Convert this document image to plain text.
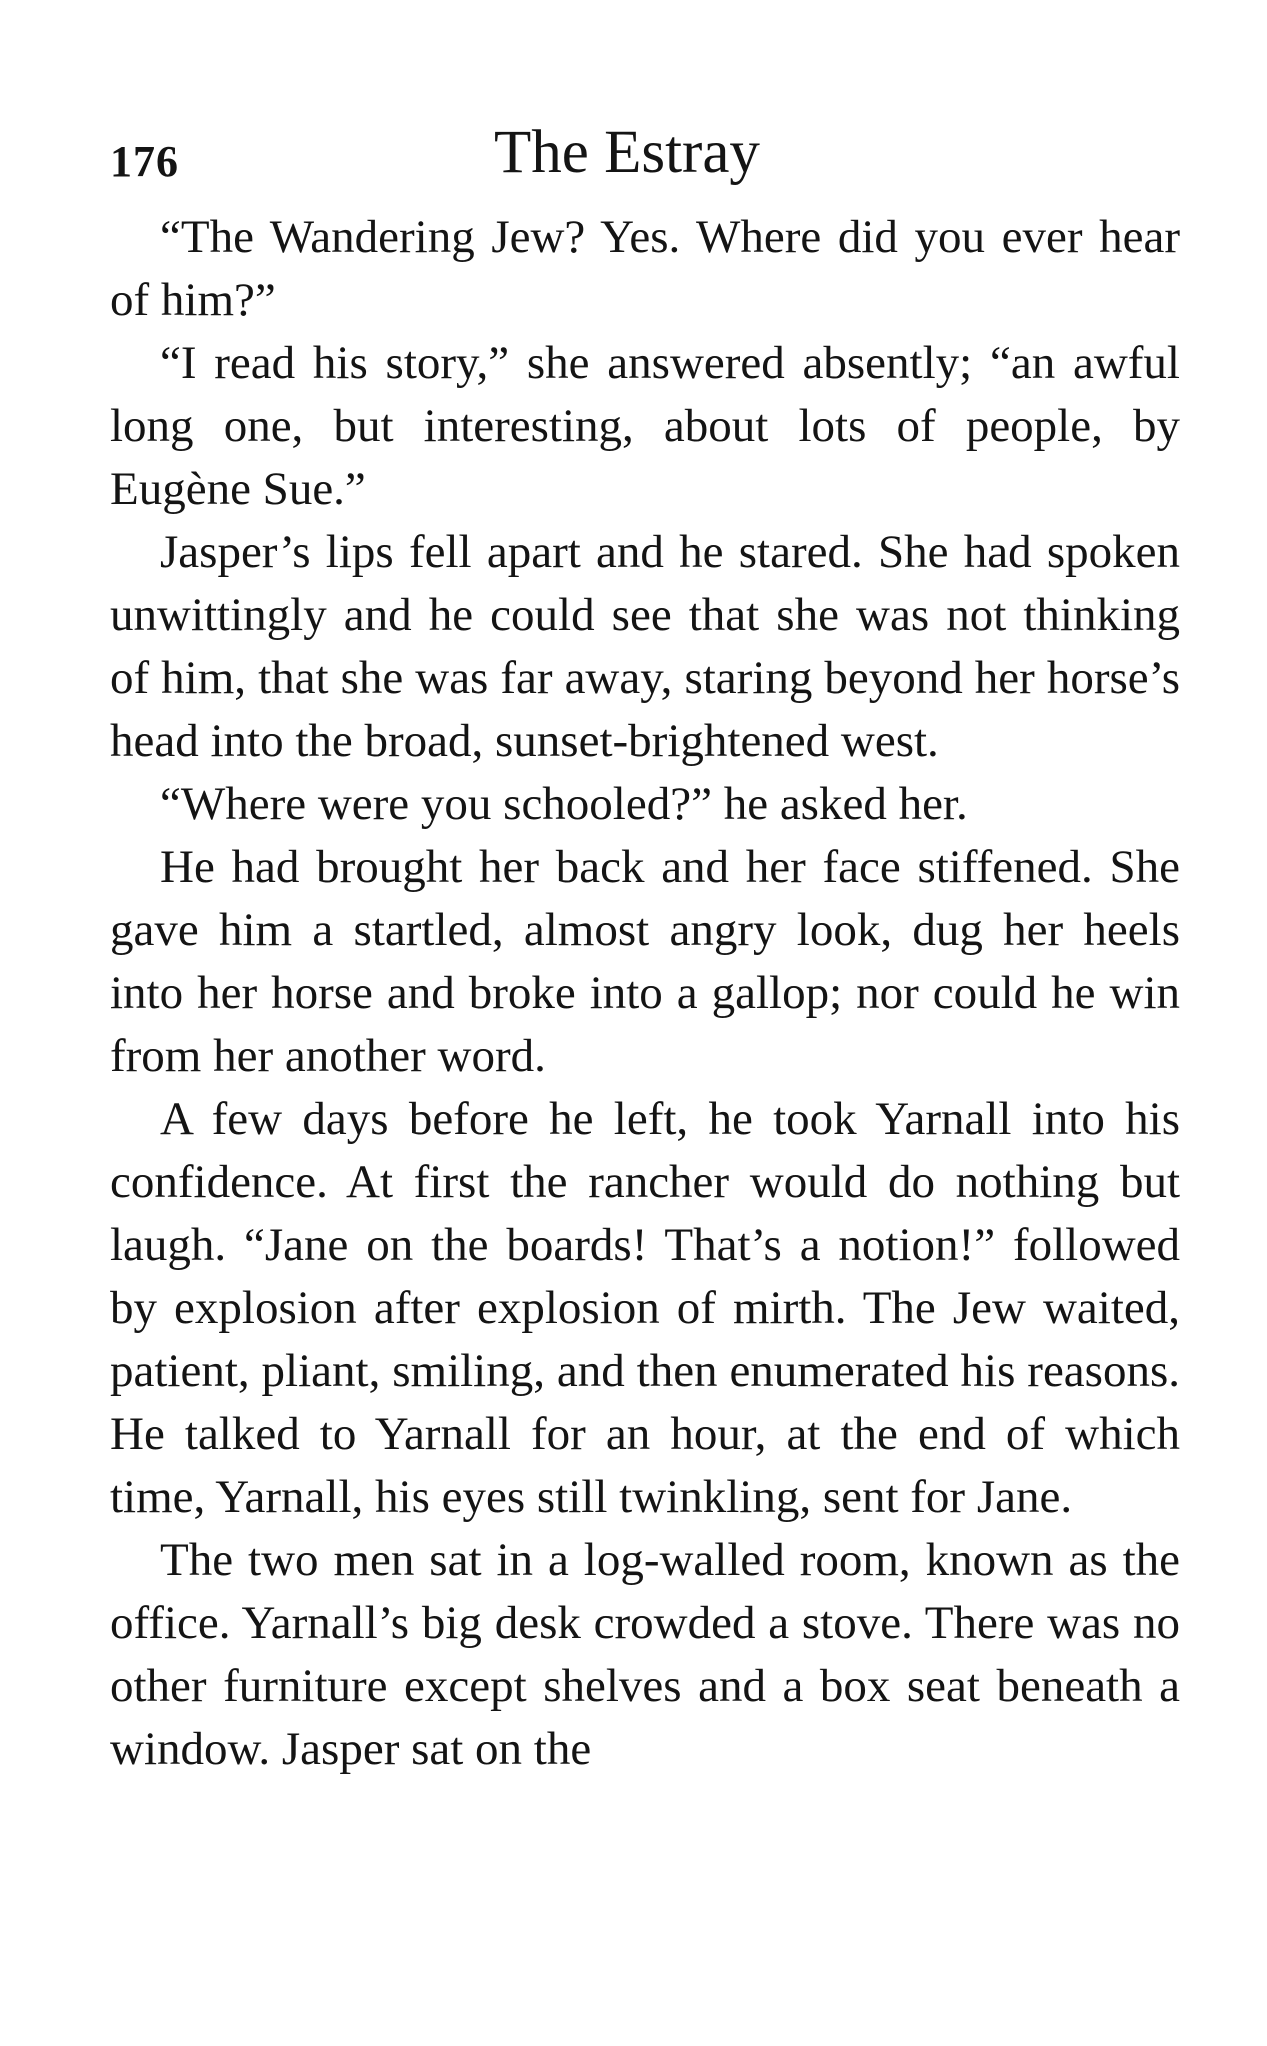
176	The Estray

“The Wandering Jew? Yes. Where did you ever hear of him?”

“I read his story,” she answered absently; “an awful long one, but interesting, about lots of people, by Eugène Sue.”

Jasper’s lips fell apart and he stared. She had spoken unwittingly and he could see that she was not thinking of him, that she was far away, staring beyond her horse’s head into the broad, sunset-brightened west.

“Where were you schooled?” he asked her.

He had brought her back and her face stiffened. She gave him a startled, almost angry look, dug her heels into her horse and broke into a gallop; nor could he win from her another word.

A few days before he left, he took Yarnall into his confidence. At first the rancher would do nothing but laugh. “Jane on the boards! That’s a notion!” followed by explosion after explosion of mirth. The Jew waited, patient, pliant, smiling, and then enumerated his reasons. He talked to Yarnall for an hour, at the end of which time, Yarnall, his eyes still twinkling, sent for Jane.

The two men sat in a log-walled room, known as the office. Yarnall’s big desk crowded a stove. There was no other furniture except shelves and a box seat beneath a window. Jasper sat on the
